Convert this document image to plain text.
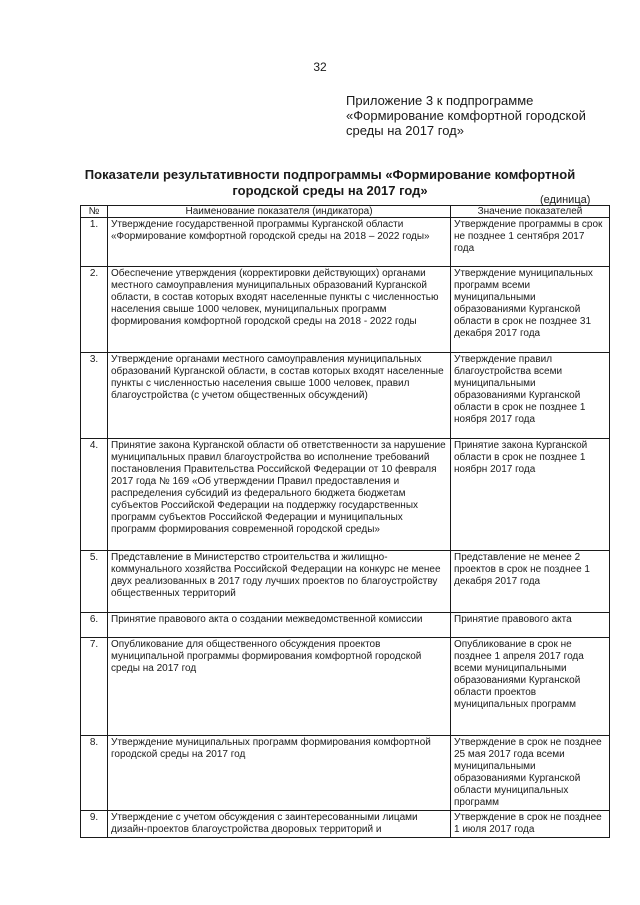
32
Приложение 3 к подпрограмме
«Формирование комфортной городской
среды на 2017 год»
Показатели результативности подпрограммы «Формирование комфортной
городской среды на 2017 год»
(единица)
№	Наименование показателя (индикатора)	Значение показателей
1.	Утверждение государственной программы Курганской области «Формирование комфортной городской среды на 2018 – 2022 годы»	Утверждение программы в срок не позднее 1 сентября 2017 года
2.	Обеспечение утверждения (корректировки действующих) органами местного самоуправления муниципальных образований Курганской области, в состав которых входят населенные пункты с численностью населения свыше 1000 человек, муниципальных программ формирования комфортной городской среды на 2018 - 2022 годы	Утверждение муниципальных программ всеми муниципальными образованиями Курганской области в срок не позднее 31 декабря 2017 года
3.	Утверждение органами местного самоуправления муниципальных образований Курганской области, в состав которых входят населенные пункты с численностью населения свыше 1000 человек, правил благоустройства (с учетом общественных обсуждений)	Утверждение правил благоустройства всеми муниципальными образованиями Курганской области в срок не позднее 1 ноября 2017 года
4.	Принятие закона Курганской области об ответственности за нарушение муниципальных правил благоустройства во исполнение требований постановления Правительства Российской Федерации от 10 февраля 2017 года № 169 «Об утверждении Правил предоставления и распределения субсидий из федерального бюджета бюджетам субъектов Российской Федерации на поддержку государственных программ субъектов Российской Федерации и муниципальных программ формирования современной городской среды»	Принятие закона Курганской области в срок не позднее 1 ноябрн 2017 года
5.	Представление в Министерство строительства и жилищно-коммунального хозяйства Российской Федерации на конкурс не менее двух реализованных в 2017 году лучших проектов по благоустройству общественных территорий	Представление не менее 2 проектов в срок не позднее 1 декабря 2017 года
6.	Принятие правового акта о создании межведомственной комиссии	Принятие правового акта
7.	Опубликование для общественного обсуждения проектов муниципальной программы формирования комфортной городской среды на 2017 год	Опубликование в срок не позднее 1 апреля 2017 года всеми муниципальными образованиями Курганской области проектов муниципальных программ
8.	Утверждение муниципальных программ формирования комфортной городской среды на 2017 год	Утверждение в срок не позднее 25 мая 2017 года всеми муниципальными образованиями Курганской области муниципальных программ
9.	Утверждение с учетом обсуждения с заинтересованными лицами дизайн-проектов благоустройства дворовых территорий и	Утверждение в срок не позднее 1 июля 2017 года
